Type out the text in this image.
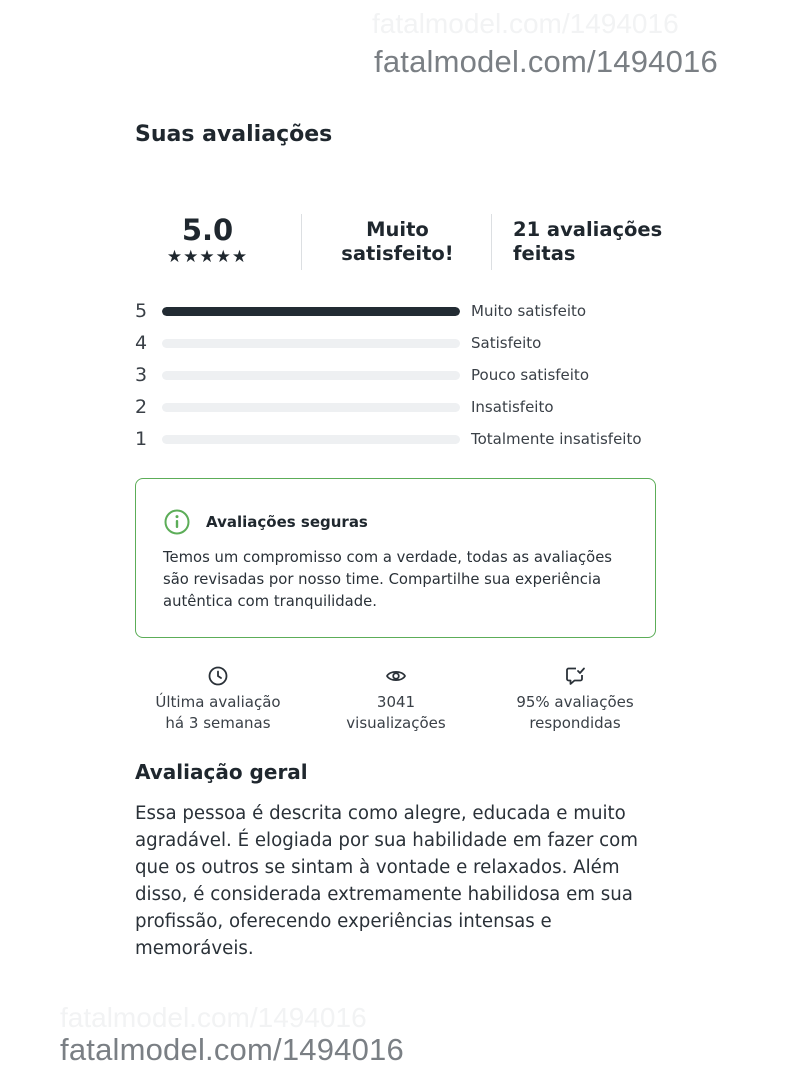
fatalmodel.com/1494016
fatalmodel.com/1494016
Suas avaliações
5.0
★★★★★
Muito satisfeito!
21 avaliações feitas
5	Muito satisfeito
4	Satisfeito
3	Pouco satisfeito
2	Insatisfeito
1	Totalmente insatisfeito
Avaliações seguras
Temos um compromisso com a verdade, todas as avaliações são revisadas por nosso time. Compartilhe sua experiência autêntica com tranquilidade.
Última avaliação
há 3 semanas
3041
visualizações
95% avaliações
respondidas
Avaliação geral

Essa pessoa é descrita como alegre, educada e muito agradável. É elogiada por sua habilidade em fazer com que os outros se sintam à vontade e relaxados. Além disso, é considerada extremamente habilidosa em sua profissão, oferecendo experiências intensas e memoráveis.

fatalmodel.com/1494016
fatalmodel.com/1494016
